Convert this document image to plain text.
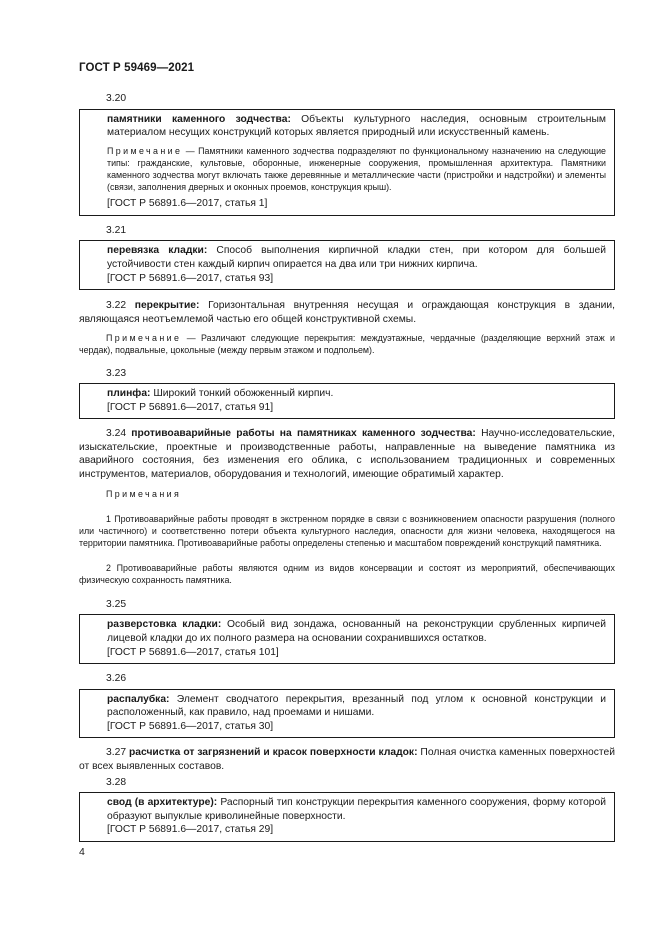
ГОСТ Р 59469—2021

3.20

памятники каменного зодчества: Объекты культурного наследия, основным строительным материалом несущих конструкций которых является природный или искусственный камень.

Примечание — Памятники каменного зодчества подразделяют по функциональному назначению на следующие типы: гражданские, культовые, оборонные, инженерные сооружения, промышленная архитектура. Памятники каменного зодчества могут включать также деревянные и металлические части (пристройки и надстройки) и элементы (связи, заполнения дверных и оконных проемов, конструкция крыш).

[ГОСТ Р 56891.6—2017, статья 1]

3.21

перевязка кладки: Способ выполнения кирпичной кладки стен, при котором для большей устойчивости стен каждый кирпич опирается на два или три нижних кирпича.

[ГОСТ Р 56891.6—2017, статья 93]

3.22 перекрытие: Горизонтальная внутренняя несущая и ограждающая конструкция в здании, являющаяся неотъемлемой частью его общей конструктивной схемы.

Примечание — Различают следующие перекрытия: междуэтажные, чердачные (разделяющие верхний этаж и чердак), подвальные, цокольные (между первым этажом и подпольем).

3.23

плинфа: Широкий тонкий обожженный кирпич.

[ГОСТ Р 56891.6—2017, статья 91]

3.24 противоаварийные работы на памятниках каменного зодчества: Научно-исследовательские, изыскательские, проектные и производственные работы, направленные на выведение памятника из аварийного состояния, без изменения его облика, с использованием традиционных и современных инструментов, материалов, оборудования и технологий, имеющие обратимый характер.

Примечания

1 Противоаварийные работы проводят в экстренном порядке в связи с возникновением опасности разрушения (полного или частичного) и соответственно потери объекта культурного наследия, опасности для жизни человека, находящегося на территории памятника. Противоаварийные работы определены степенью и масштабом повреждений конструкций памятника.

2 Противоаварийные работы являются одним из видов консервации и состоят из мероприятий, обеспечивающих физическую сохранность памятника.

3.25

разверстовка кладки: Особый вид зондажа, основанный на реконструкции срубленных кирпичей лицевой кладки до их полного размера на основании сохранившихся остатков.

[ГОСТ Р 56891.6—2017, статья 101]

3.26

распалубка: Элемент сводчатого перекрытия, врезанный под углом к основной конструкции и расположенный, как правило, над проемами и нишами.

[ГОСТ Р 56891.6—2017, статья 30]

3.27 расчистка от загрязнений и красок поверхности кладок: Полная очистка каменных поверхностей от всех выявленных составов.

3.28

свод (в архитектуре): Распорный тип конструкции перекрытия каменного сооружения, форму которой образуют выпуклые криволинейные поверхности.

[ГОСТ Р 56891.6—2017, статья 29]

4
